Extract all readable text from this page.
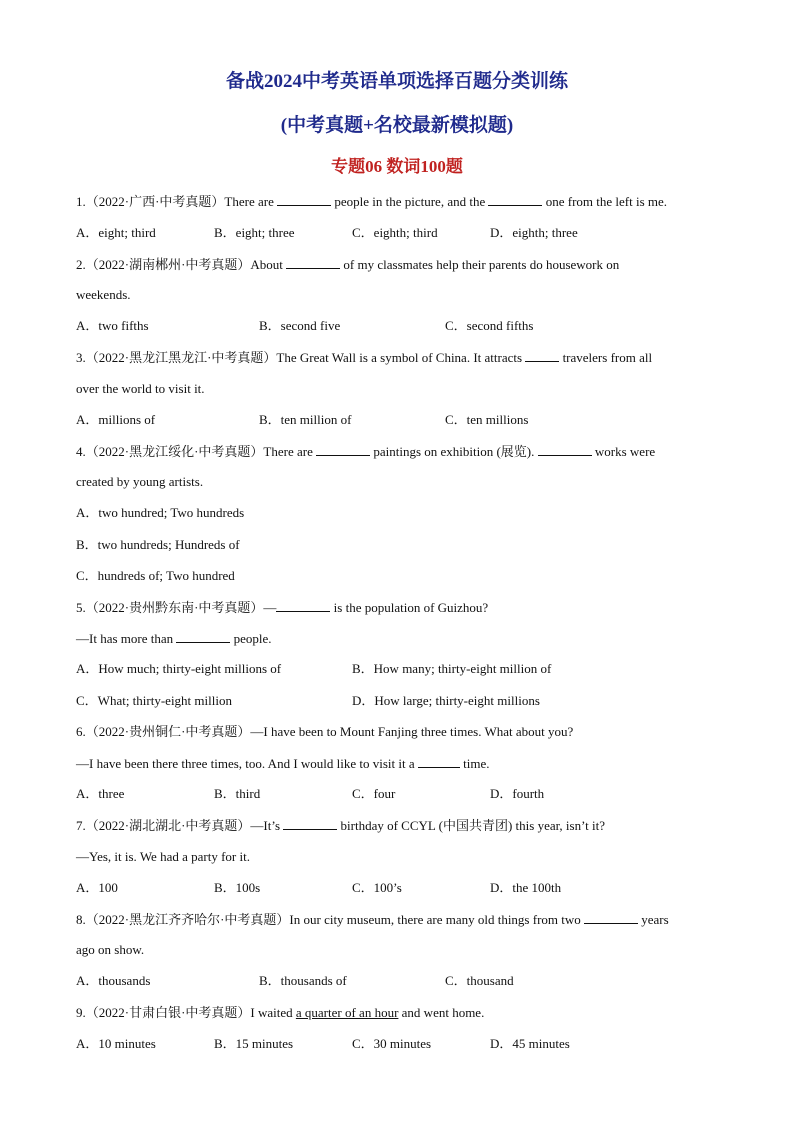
备战2024中考英语单项选择百题分类训练
(中考真题+名校最新模拟题)
专题06 数词100题
1.（2022·广西·中考真题）There are	people in the picture, and the	one from the left is me.
A．eight; third	B．eight; three	C．eighth; third	D．eighth; three
2.（2022·湖南郴州·中考真题）About	of my classmates help their parents do housework on
weekends.
A．two fifths	B．second five	C．second fifths
3.（2022·黑龙江黑龙江·中考真题）The Great Wall is a symbol of China. It attracts	travelers from all
over the world to visit it.
A．millions of	B．ten million of	C．ten millions
4.（2022·黑龙江绥化·中考真题）There are	paintings on exhibition (展览).	works were
created by young artists.
A．two hundred; Two hundreds
B．two hundreds; Hundreds of
C．hundreds of; Two hundred
5.（2022·贵州黔东南·中考真题）—	is the population of Guizhou?
—It has more than	people.
A．How much; thirty-eight millions of	B．How many; thirty-eight million of
C．What; thirty-eight million	D．How large; thirty-eight millions
6.（2022·贵州铜仁·中考真题）—I have been to Mount Fanjing three times. What about you?
—I have been there three times, too. And I would like to visit it a	time.
A．three	B．third	C．four	D．fourth
7.（2022·湖北湖北·中考真题）—It’s	birthday of CCYL (中国共青团) this year, isn’t it?
—Yes, it is. We had a party for it.
A．100	B．100s	C．100’s	D．the 100th
8.（2022·黑龙江齐齐哈尔·中考真题）In our city museum, there are many old things from two	years
ago on show.
A．thousands	B．thousands of	C．thousand
9.（2022·甘肃白银·中考真题）I waited a quarter of an hour and went home.
A．10 minutes	B．15 minutes	C．30 minutes	D．45 minutes
